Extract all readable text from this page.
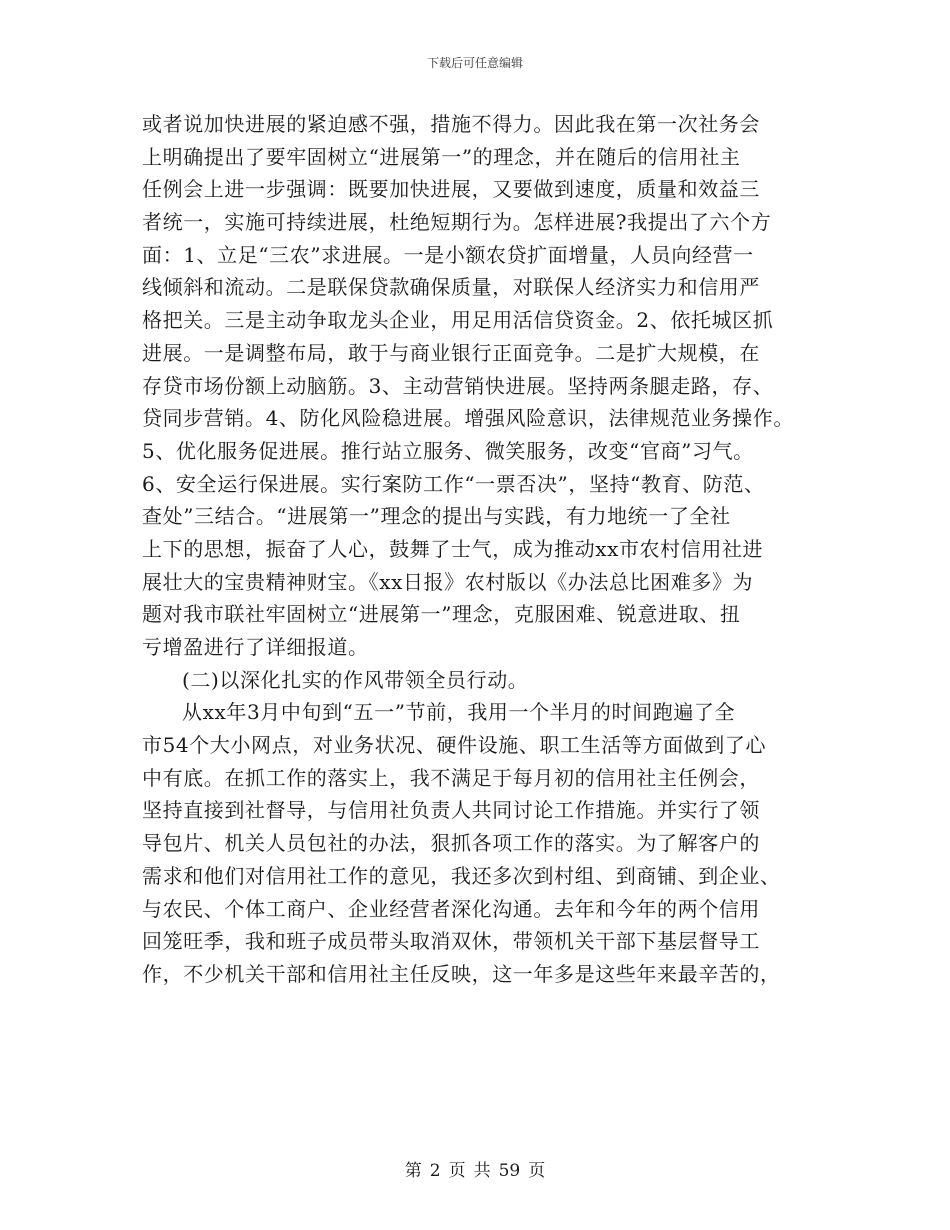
下载后可任意编辑
或者说加快进展的紧迫感不强，措施不得力。因此我在第一次社务会
上明确提出了要牢固树立“进展第一”的理念，并在随后的信用社主
任例会上进一步强调：既要加快进展，又要做到速度，质量和效益三
者统一，实施可持续进展，杜绝短期行为。怎样进展?我提出了六个方
面：1、立足“三农”求进展。一是小额农贷扩面增量，人员向经营一
线倾斜和流动。二是联保贷款确保质量，对联保人经济实力和信用严
格把关。三是主动争取龙头企业，用足用活信贷资金。2、依托城区抓
进展。一是调整布局，敢于与商业银行正面竞争。二是扩大规模，在
存贷市场份额上动脑筋。3、主动营销快进展。坚持两条腿走路，存、
贷同步营销。4、防化风险稳进展。增强风险意识，法律规范业务操作。
5、优化服务促进展。推行站立服务、微笑服务，改变“官商”习气。
6、安全运行保进展。实行案防工作“一票否决”，坚持“教育、防范、
查处”三结合。“进展第一”理念的提出与实践，有力地统一了全社
上下的思想，振奋了人心，鼓舞了士气，成为推动xx市农村信用社进
展壮大的宝贵精神财宝。《xx日报》农村版以《办法总比困难多》为
题对我市联社牢固树立“进展第一”理念，克服困难、锐意进取、扭
亏增盈进行了详细报道。
(二)以深化扎实的作风带领全员行动。
从xx年3月中旬到“五一”节前，我用一个半月的时间跑遍了全
市54个大小网点，对业务状况、硬件设施、职工生活等方面做到了心
中有底。在抓工作的落实上，我不满足于每月初的信用社主任例会，
坚持直接到社督导，与信用社负责人共同讨论工作措施。并实行了领
导包片、机关人员包社的办法，狠抓各项工作的落实。为了解客户的
需求和他们对信用社工作的意见，我还多次到村组、到商铺、到企业、
与农民、个体工商户、企业经营者深化沟通。去年和今年的两个信用
回笼旺季，我和班子成员带头取消双休，带领机关干部下基层督导工
作，不少机关干部和信用社主任反映，这一年多是这些年来最辛苦的，
第 2 页 共 59 页
